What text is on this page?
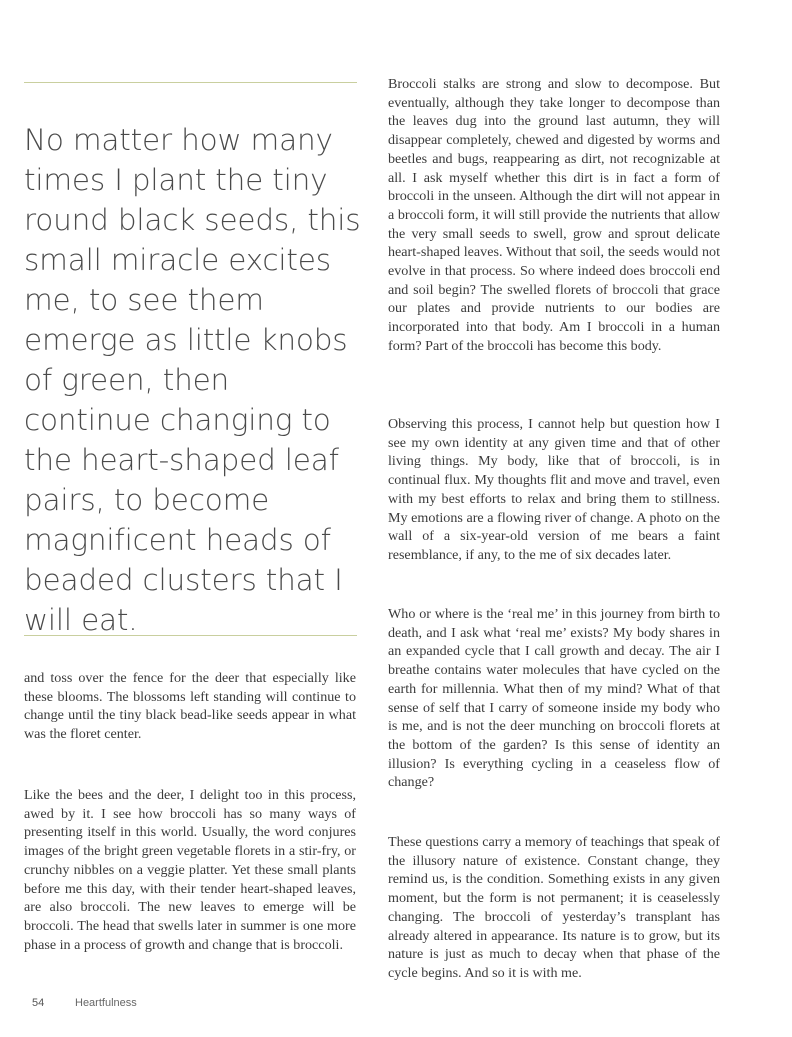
No matter how many times I plant the tiny round black seeds, this small miracle excites me, to see them emerge as little knobs of green, then continue changing to the heart-shaped leaf pairs, to become magnificent heads of beaded clusters that I will eat.

and toss over the fence for the deer that especially like these blooms. The blossoms left standing will continue to change until the tiny black bead-like seeds appear in what was the floret center.

Like the bees and the deer, I delight too in this process, awed by it. I see how broccoli has so many ways of presenting itself in this world. Usually, the word conjures images of the bright green vegetable florets in a stir-fry, or crunchy nibbles on a veggie platter. Yet these small plants before me this day, with their tender heart-shaped leaves, are also broccoli. The new leaves to emerge will be broccoli. The head that swells later in summer is one more phase in a process of growth and change that is broccoli.

Broccoli stalks are strong and slow to decompose. But eventually, although they take longer to decompose than the leaves dug into the ground last autumn, they will disappear completely, chewed and digested by worms and beetles and bugs, reappearing as dirt, not recognizable at all. I ask myself whether this dirt is in fact a form of broccoli in the unseen. Although the dirt will not appear in a broccoli form, it will still provide the nutrients that allow the very small seeds to swell, grow and sprout delicate heart-shaped leaves. Without that soil, the seeds would not evolve in that process. So where indeed does broccoli end and soil begin? The swelled florets of broccoli that grace our plates and provide nutrients to our bodies are incorporated into that body. Am I broccoli in a human form? Part of the broccoli has become this body.

Observing this process, I cannot help but question how I see my own identity at any given time and that of other living things. My body, like that of broccoli, is in continual flux. My thoughts flit and move and travel, even with my best efforts to relax and bring them to stillness. My emotions are a flowing river of change. A photo on the wall of a six-year-old version of me bears a faint resemblance, if any, to the me of six decades later.

Who or where is the ‘real me’ in this journey from birth to death, and I ask what ‘real me’ exists? My body shares in an expanded cycle that I call growth and decay. The air I breathe contains water molecules that have cycled on the earth for millennia. What then of my mind? What of that sense of self that I carry of someone inside my body who is me, and is not the deer munching on broccoli florets at the bottom of the garden? Is this sense of identity an illusion? Is everything cycling in a ceaseless flow of change?

These questions carry a memory of teachings that speak of the illusory nature of existence. Constant change, they remind us, is the condition. Something exists in any given moment, but the form is not permanent; it is ceaselessly changing. The broccoli of yesterday’s transplant has already altered in appearance. Its nature is to grow, but its nature is just as much to decay when that phase of the cycle begins. And so it is with me.

54	Heartfulness
